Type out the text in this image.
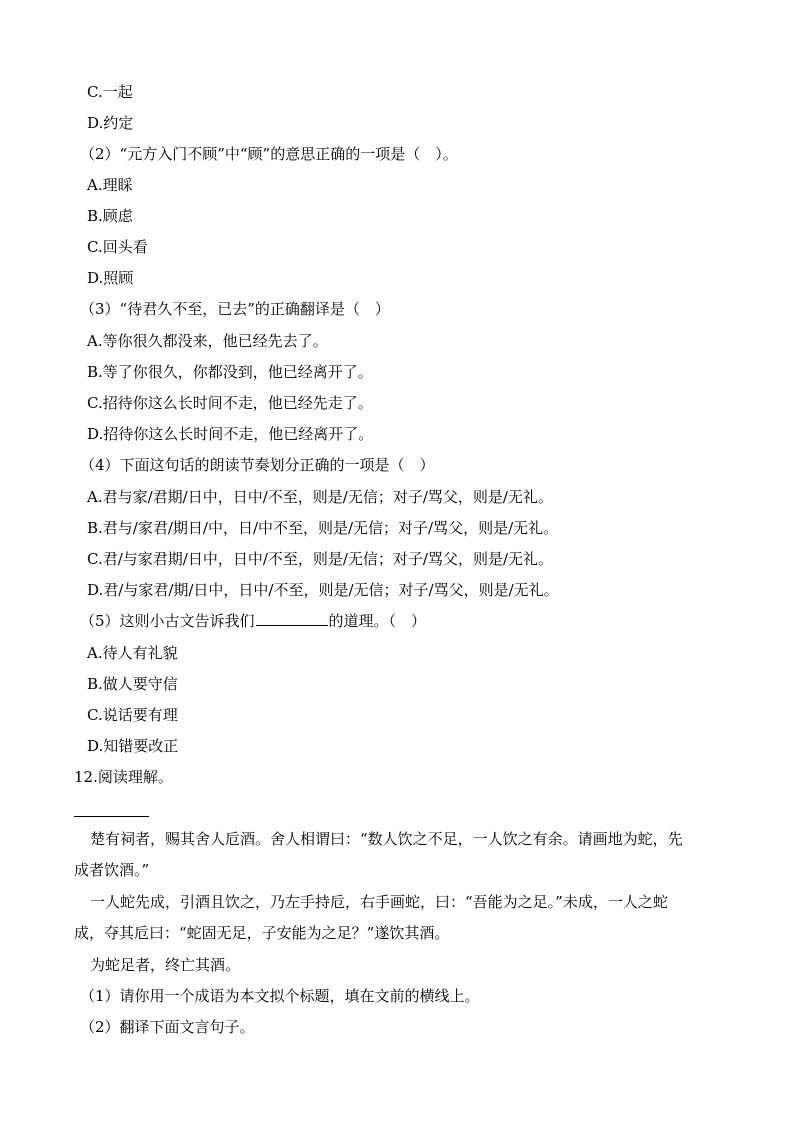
C.一起
D.约定
（2）“元方入门不顾”中“顾”的意思正确的一项是（　）。
A.理睬
B.顾虑
C.回头看
D.照顾
（3）“待君久不至，已去”的正确翻译是（　）
A.等你很久都没来，他已经先去了。
B.等了你很久，你都没到，他已经离开了。
C.招待你这么长时间不走，他已经先走了。
D.招待你这么长时间不走，他已经离开了。
（4）下面这句话的朗读节奏划分正确的一项是（　）
A.君与家/君期/日中，日中/不至，则是/无信；对子/骂父，则是/无礼。
B.君与/家君/期日/中，日/中不至，则是/无信；对子/骂父，则是/无礼。
C.君/与家君期/日中，日中/不至，则是/无信；对子/骂父，则是/无礼。
D.君/与家君/期/日中，日中/不至，则是/无信；对子/骂父，则是/无礼。
（5）这则小古文告诉我们	的道理。（　）
A.待人有礼貌
B.做人要守信
C.说话要有理
D.知错要改正
12.阅读理解。
楚有祠者，赐其舍人卮酒。舍人相谓曰：“数人饮之不足，一人饮之有余。请画地为蛇，先
成者饮酒。”
一人蛇先成，引酒且饮之，乃左手持卮，右手画蛇，曰：“吾能为之足。”未成，一人之蛇
成，夺其卮曰：“蛇固无足，子安能为之足？”遂饮其酒。
为蛇足者，终亡其酒。
（1）请你用一个成语为本文拟个标题，填在文前的横线上。
（2）翻译下面文言句子。
